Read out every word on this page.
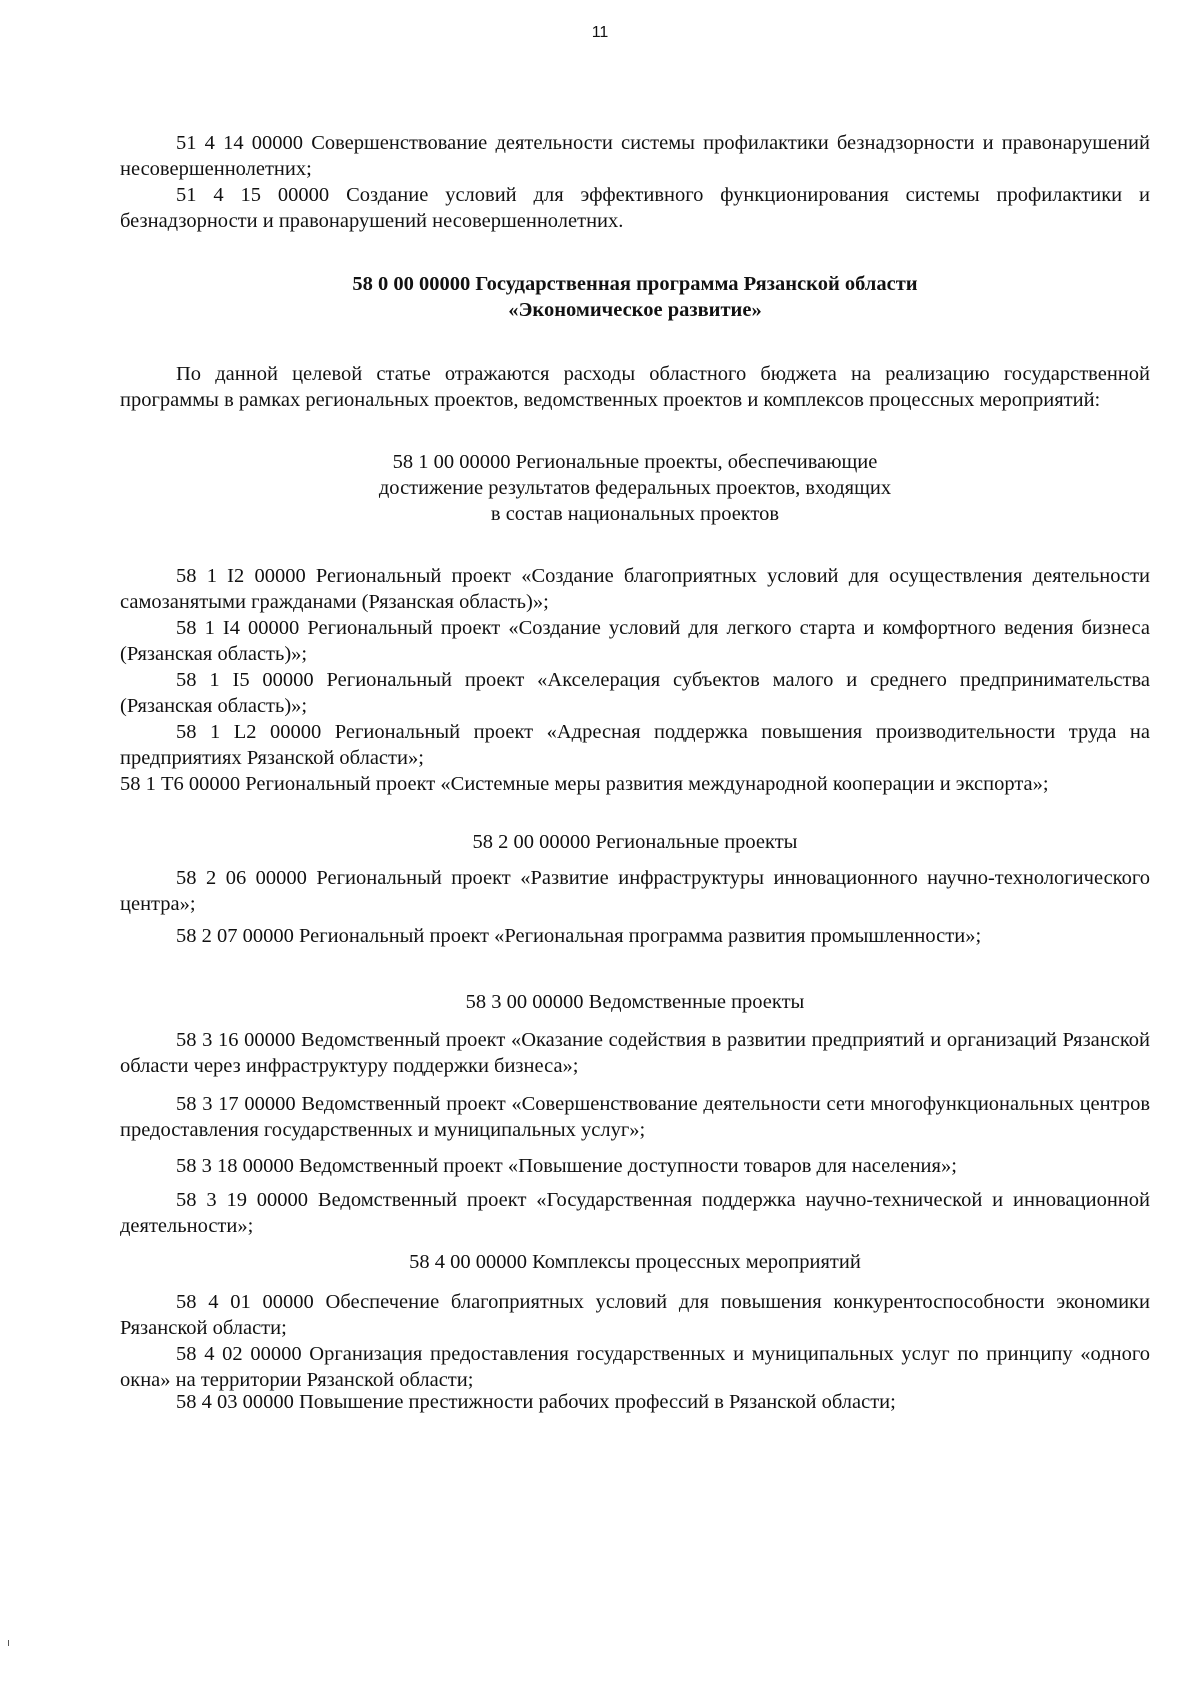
11

51 4 14 00000 Совершенствование деятельности системы профилактики безнадзорности и правонарушений несовершеннолетних;

51 4 15 00000 Создание условий для эффективного функционирования системы профилактики и безнадзорности и правонарушений несовершеннолетних.

58 0 00 00000 Государственная программа Рязанской области

«Экономическое развитие»

По данной целевой статье отражаются расходы областного бюджета на реализацию государственной программы в рамках региональных проектов, ведомственных проектов и комплексов процессных мероприятий:

58 1 00 00000 Региональные проекты, обеспечивающие

достижение результатов федеральных проектов, входящих

в состав национальных проектов

58 1 I2 00000 Региональный проект «Создание благоприятных условий для осуществления деятельности самозанятыми гражданами (Рязанская область)»;

58 1 I4 00000 Региональный проект «Создание условий для легкого старта и комфортного ведения бизнеса (Рязанская область)»;

58 1 I5 00000 Региональный проект «Акселерация субъектов малого и среднего предпринимательства (Рязанская область)»;

58 1 L2 00000 Региональный проект «Адресная поддержка повышения производительности труда на предприятиях Рязанской области»;

58 1 Т6 00000 Региональный проект «Системные меры развития международной кооперации и экспорта»;

58 2 00 00000 Региональные проекты

58 2 06 00000 Региональный проект «Развитие инфраструктуры инновационного научно-технологического центра»;

58 2 07 00000 Региональный проект «Региональная программа развития промышленности»;

58 3 00 00000 Ведомственные проекты

58 3 16 00000 Ведомственный проект «Оказание содействия в развитии предприятий и организаций Рязанской области через инфраструктуру поддержки бизнеса»;

58 3 17 00000 Ведомственный проект «Совершенствование деятельности сети многофункциональных центров предоставления государственных и муниципальных услуг»;

58 3 18 00000 Ведомственный проект «Повышение доступности товаров для населения»;

58 3 19 00000 Ведомственный проект «Государственная поддержка научно-технической и инновационной деятельности»;

58 4 00 00000 Комплексы процессных мероприятий

58 4 01 00000 Обеспечение благоприятных условий для повышения конкурентоспособности экономики Рязанской области;

58 4 02 00000 Организация предоставления государственных и муниципальных услуг по принципу «одного окна» на территории Рязанской области;

58 4 03 00000 Повышение престижности рабочих профессий в Рязанской области;
